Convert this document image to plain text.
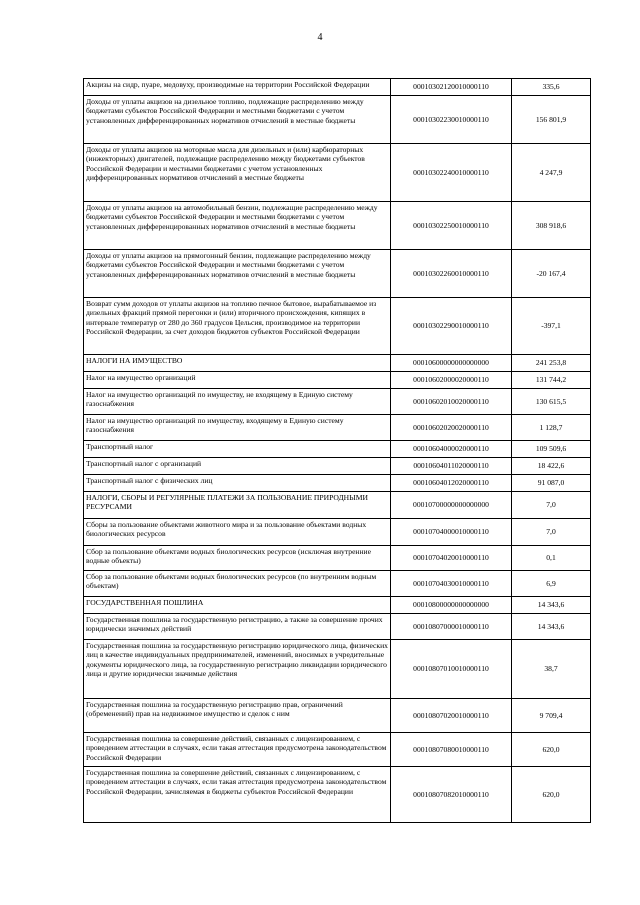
4
Акцизы на сидр, пуаре, медовуху, производимые на территории Российской Федерации	00010302120010000110	335,6
Доходы от уплаты акцизов на дизельное топливо, подлежащие распределению между бюджетами субъектов Российской Федерации и местными бюджетами с учетом установленных дифференцированных нормативов отчислений в местные бюджеты	00010302230010000110	156 801,9
Доходы от уплаты акцизов на моторные масла для дизельных и (или) карбюраторных (инжекторных) двигателей, подлежащие распределению между бюджетами субъектов Российской Федерации и местными бюджетами с учетом установленных дифференцированных нормативов отчислений в местные бюджеты	00010302240010000110	4 247,9
Доходы от уплаты акцизов на автомобильный бензин, подлежащие распределению между бюджетами субъектов Российской Федерации и местными бюджетами с учетом установленных дифференцированных нормативов отчислений в местные бюджеты	00010302250010000110	308 918,6
Доходы от уплаты акцизов на прямогонный бензин, подлежащие распределению между бюджетами субъектов Российской Федерации и местными бюджетами с учетом установленных дифференцированных нормативов отчислений в местные бюджеты	00010302260010000110	-20 167,4
Возврат сумм доходов от уплаты акцизов на топливо печное бытовое, вырабатываемое из дизельных фракций прямой перегонки и (или) вторичного происхождения, кипящих в интервале температур от 280 до 360 градусов Цельсия, производимое на территории Российской Федерации, за счет доходов бюджетов субъектов Российской Федерации	00010302290010000110	-397,1
НАЛОГИ НА ИМУЩЕСТВО	00010600000000000000	241 253,8
Налог на имущество организаций	00010602000020000110	131 744,2
Налог на имущество организаций по имуществу, не входящему в Единую систему газоснабжения	00010602010020000110	130 615,5
Налог на имущество организаций по имуществу, входящему в Единую систему газоснабжения	00010602020020000110	1 128,7
Транспортный налог	00010604000020000110	109 509,6
Транспортный налог с организаций	00010604011020000110	18 422,6
Транспортный налог с физических лиц	00010604012020000110	91 087,0
НАЛОГИ, СБОРЫ И РЕГУЛЯРНЫЕ ПЛАТЕЖИ ЗА ПОЛЬЗОВАНИЕ ПРИРОДНЫМИ РЕСУРСАМИ	00010700000000000000	7,0
Сборы за пользование объектами животного мира и за пользование объектами водных биологических ресурсов	00010704000010000110	7,0
Сбор за пользование объектами водных биологических ресурсов (исключая внутренние водные объекты)	00010704020010000110	0,1
Сбор за пользование объектами водных биологических ресурсов (по внутренним водным объектам)	00010704030010000110	6,9
ГОСУДАРСТВЕННАЯ ПОШЛИНА	00010800000000000000	14 343,6
Государственная пошлина за государственную регистрацию, а также за совершение прочих юридически значимых действий	00010807000010000110	14 343,6
Государственная пошлина за государственную регистрацию юридического лица, физических лиц в качестве индивидуальных предпринимателей, изменений, вносимых в учредительные документы юридического лица, за государственную регистрацию ликвидации юридического лица и другие юридически значимые действия	00010807010010000110	38,7
Государственная пошлина за государственную регистрацию прав, ограничений (обременений) прав на недвижимое имущество и сделок с ним	00010807020010000110	9 709,4
Государственная пошлина за совершение действий, связанных с лицензированием, с проведением аттестации в случаях, если такая аттестация предусмотрена законодательством Российской Федерации	00010807080010000110	620,0
Государственная пошлина за совершение действий, связанных с лицензированием, с проведением аттестации в случаях, если такая аттестация предусмотрена законодательством Российской Федерации, зачисляемая в бюджеты субъектов Российской Федерации	00010807082010000110	620,0
